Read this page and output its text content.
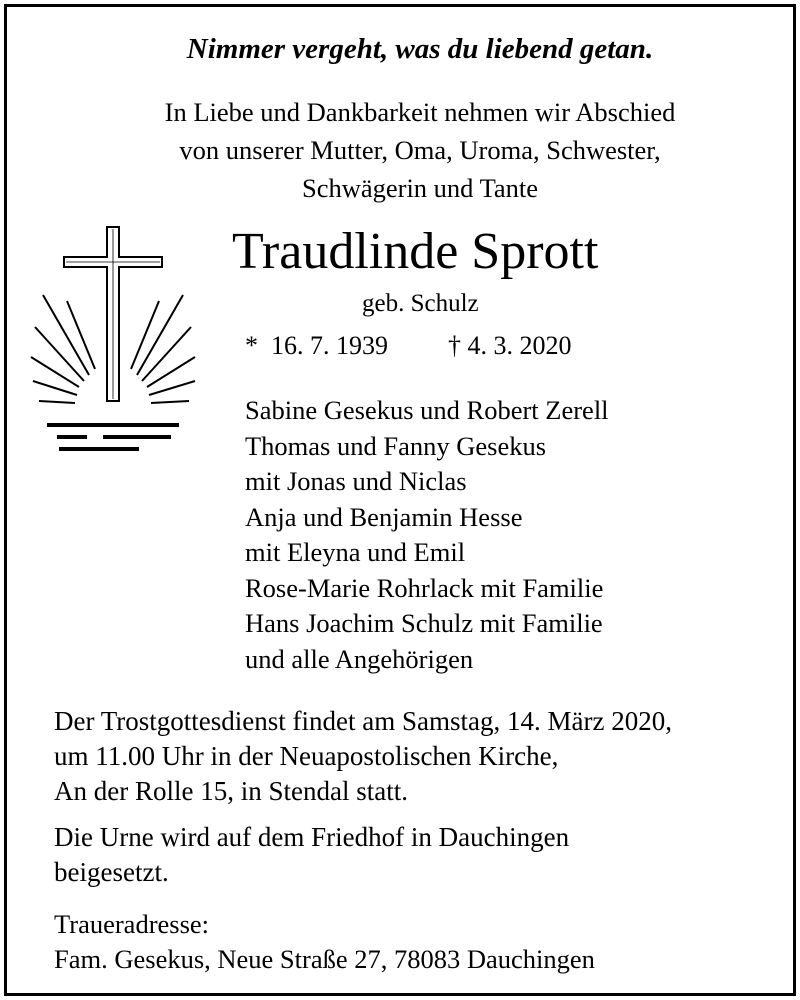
Nimmer vergeht, was du liebend getan.
In Liebe und Dankbarkeit nehmen wir Abschied
von unserer Mutter, Oma, Uroma, Schwester,
Schwägerin und Tante
Traudlinde Sprott
geb. Schulz
* 16. 7. 1939 † 4. 3. 2020
Sabine Gesekus und Robert Zerell
Thomas und Fanny Gesekus
mit Jonas und Niclas
Anja und Benjamin Hesse
mit Eleyna und Emil
Rose-Marie Rohrlack mit Familie
Hans Joachim Schulz mit Familie
und alle Angehörigen
Der Trostgottesdienst findet am Samstag, 14. März 2020,
um 11.00 Uhr in der Neuapostolischen Kirche,
An der Rolle 15, in Stendal statt.
Die Urne wird auf dem Friedhof in Dauchingen
beigesetzt.
Traueradresse:
Fam. Gesekus, Neue Straße 27, 78083 Dauchingen
